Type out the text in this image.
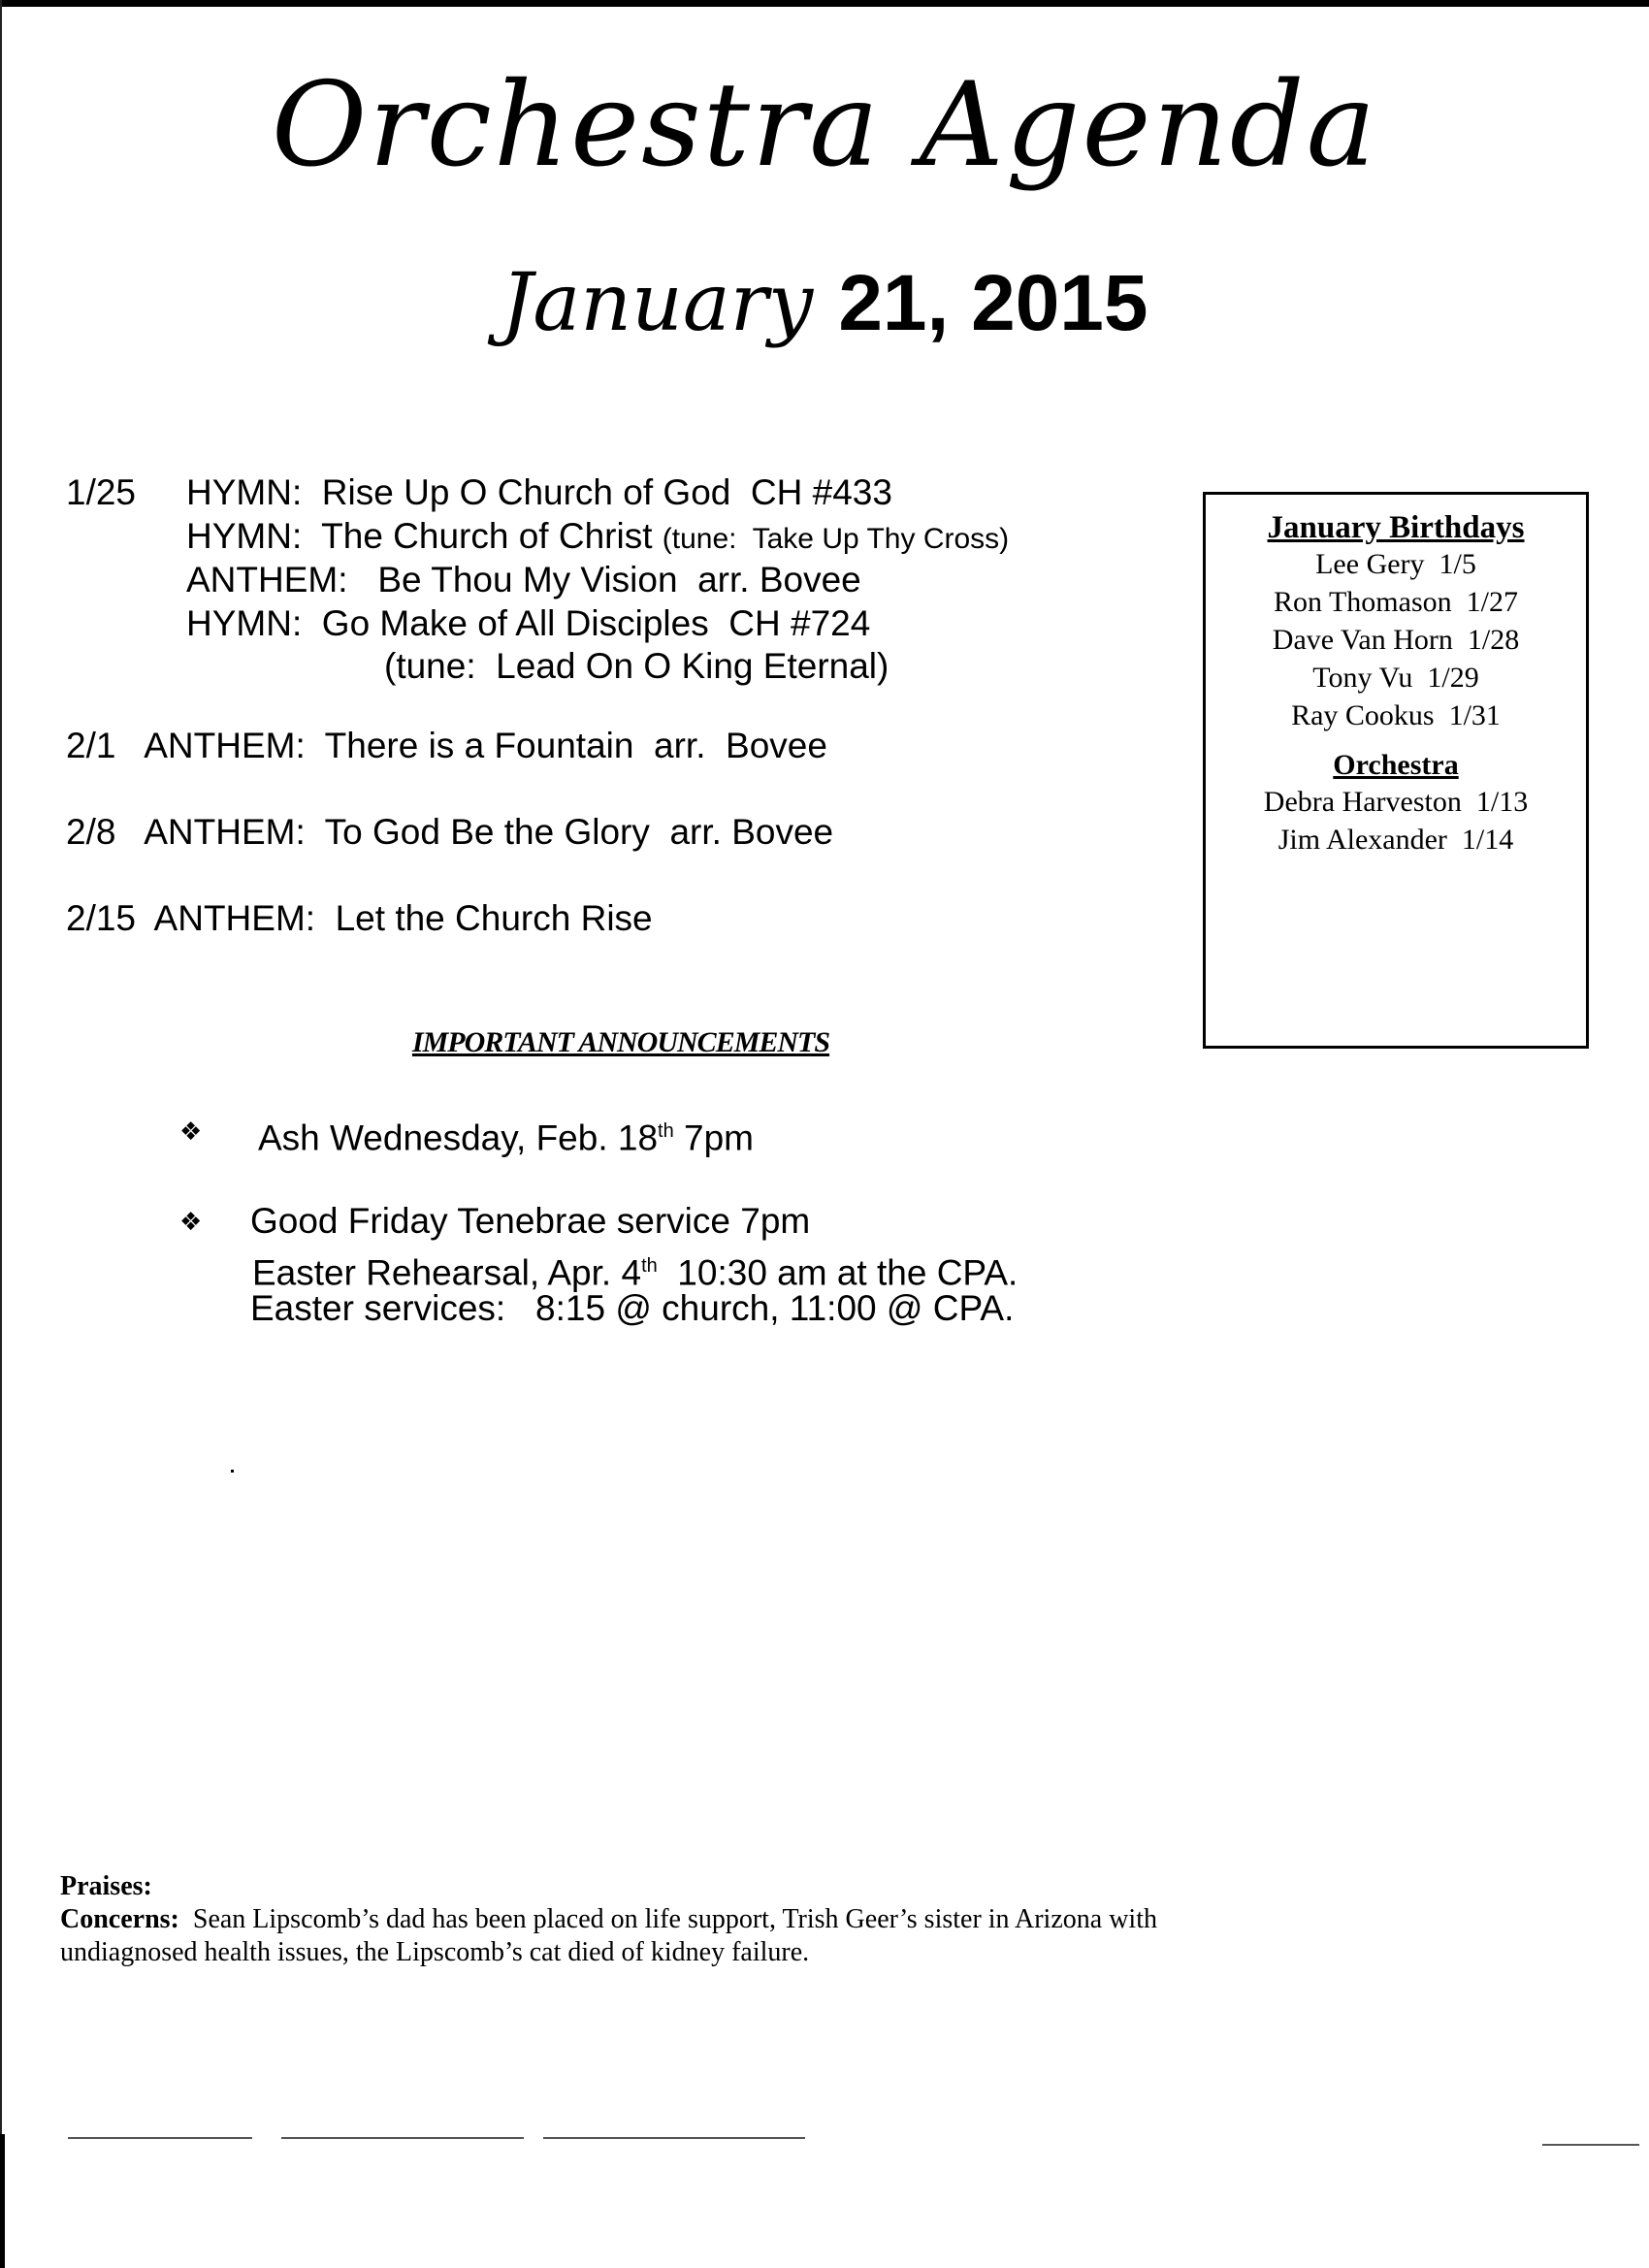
Orchestra Agenda
January 21, 2015
1/25 HYMN: Rise Up O Church of God CH #433
HYMN: The Church of Christ (tune:  Take Up Thy Cross)
ANTHEM: Be Thou My Vision arr. Bovee
HYMN: Go Make of All Disciples CH #724
(tune:  Lead On O King Eternal)
2/1 ANTHEM: There is a Fountain arr.  Bovee
2/8 ANTHEM: To God Be the Glory arr. Bovee
2/15 ANTHEM: Let the Church Rise
January Birthdays
Lee Gery 1/5
Ron Thomason 1/27
Dave Van Horn 1/28
Tony Vu 1/29
Ray Cookus 1/31
Orchestra
Debra Harveston 1/13
Jim Alexander 1/14
IMPORTANT ANNOUNCEMENTS
❖ Ash Wednesday, Feb. 18th 7pm
❖ Good Friday Tenebrae service 7pm
Easter Rehearsal, Apr. 4th  10:30 am at the CPA.
Easter services:   8:15 @ church, 11:00 @ CPA.
Praises:
Concerns: Sean Lipscomb’s dad has been placed on life support, Trish Geer’s sister in Arizona with
undiagnosed health issues, the Lipscomb’s cat died of kidney failure.
